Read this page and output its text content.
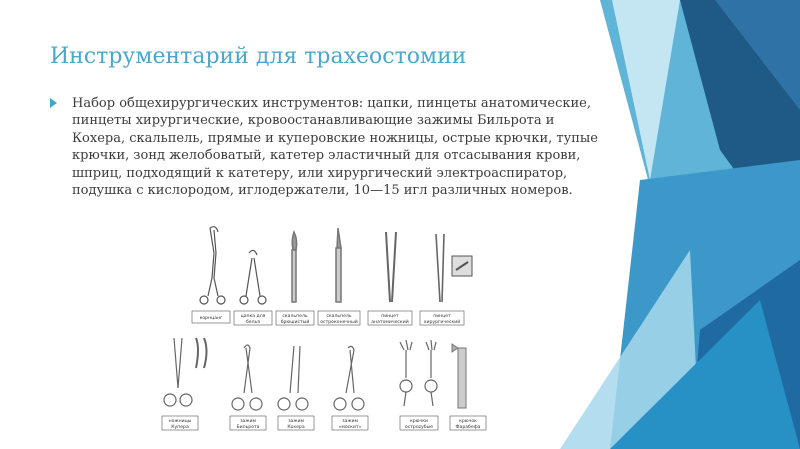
Инструментарий для трахеостомии
Набор общехирургических инструментов: цапки, пинцеты анатомические, пинцеты хирургические, кровоостанавливающие зажимы Бильрота и Кохера, скальпель, прямые и куперовские ножницы, острые крючки, тупые крючки, зонд желобоватый, катетер эластичный для отсасывания крови, шприц, подходящий к катетеру, или хирургический электроаспиратор, подушка с кислородом, иглодержатели, 10—15 игл различных номеров.
корнцанг	цапка для
белья
скальпель
брюшистый
скальпель
остроконечный
пинцет
анатомический
пинцет
хирургический
ножницы
Купера
зажим
Бильрота
зажим
Кохера
зажим
«москит»
крючки
остроzубые
крючок
Фарабефа
